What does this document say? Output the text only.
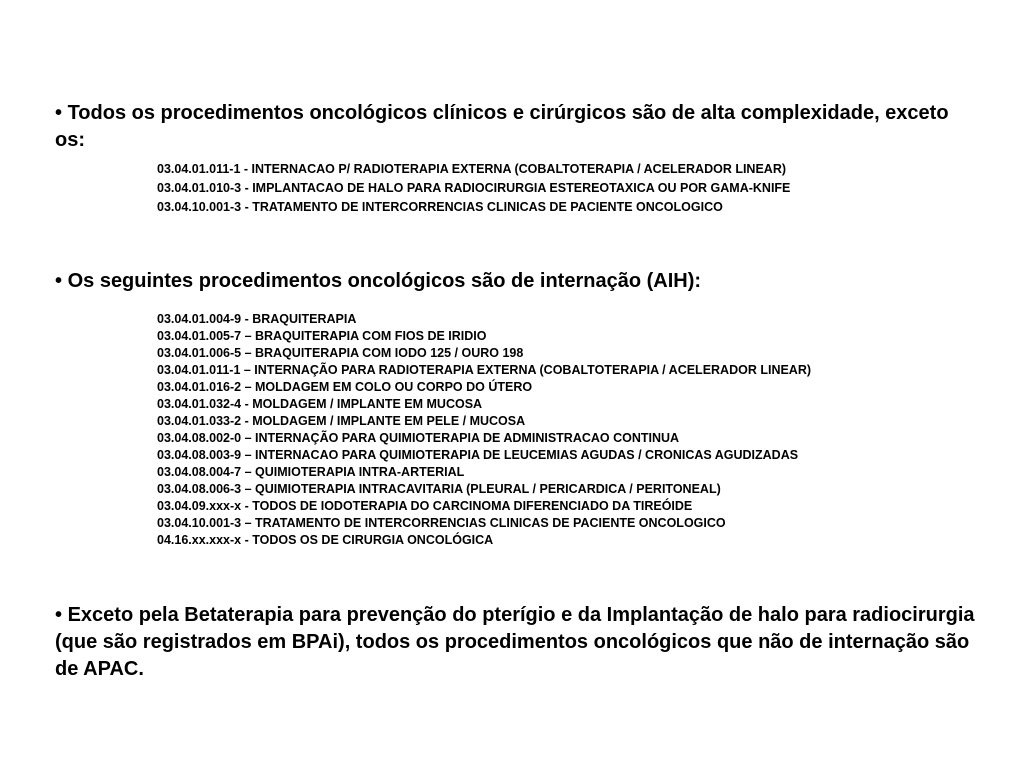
• Todos os procedimentos oncológicos clínicos e cirúrgicos são de alta complexidade, exceto os:

03.04.01.011-1 - INTERNACAO P/ RADIOTERAPIA EXTERNA (COBALTOTERAPIA / ACELERADOR LINEAR)
03.04.01.010-3 - IMPLANTACAO DE HALO PARA RADIOCIRURGIA ESTEREOTAXICA OU POR GAMA-KNIFE
03.04.10.001-3 - TRATAMENTO DE INTERCORRENCIAS CLINICAS DE PACIENTE ONCOLOGICO

• Os seguintes procedimentos oncológicos são de internação (AIH):

03.04.01.004-9 - BRAQUITERAPIA
03.04.01.005-7 – BRAQUITERAPIA COM FIOS DE IRIDIO
03.04.01.006-5 – BRAQUITERAPIA COM IODO 125 / OURO 198
03.04.01.011-1 – INTERNAÇÃO PARA RADIOTERAPIA EXTERNA (COBALTOTERAPIA / ACELERADOR LINEAR)
03.04.01.016-2 – MOLDAGEM EM COLO OU CORPO DO ÚTERO
03.04.01.032-4 - MOLDAGEM / IMPLANTE EM MUCOSA
03.04.01.033-2 - MOLDAGEM / IMPLANTE EM PELE / MUCOSA
03.04.08.002-0 – INTERNAÇÃO PARA QUIMIOTERAPIA DE ADMINISTRACAO CONTINUA
03.04.08.003-9 – INTERNACAO PARA QUIMIOTERAPIA DE LEUCEMIAS AGUDAS / CRONICAS AGUDIZADAS
03.04.08.004-7 – QUIMIOTERAPIA INTRA-ARTERIAL
03.04.08.006-3 – QUIMIOTERAPIA INTRACAVITARIA (PLEURAL / PERICARDICA / PERITONEAL)
03.04.09.xxx-x - TODOS DE IODOTERAPIA DO CARCINOMA DIFERENCIADO DA TIREÓIDE
03.04.10.001-3 – TRATAMENTO DE INTERCORRENCIAS CLINICAS DE PACIENTE ONCOLOGICO
04.16.xx.xxx-x - TODOS OS DE CIRURGIA ONCOLÓGICA

• Exceto pela Betaterapia para prevenção do pterígio e da Implantação de halo para radiocirurgia (que são registrados em BPAi), todos os procedimentos oncológicos que não de internação são de APAC.
